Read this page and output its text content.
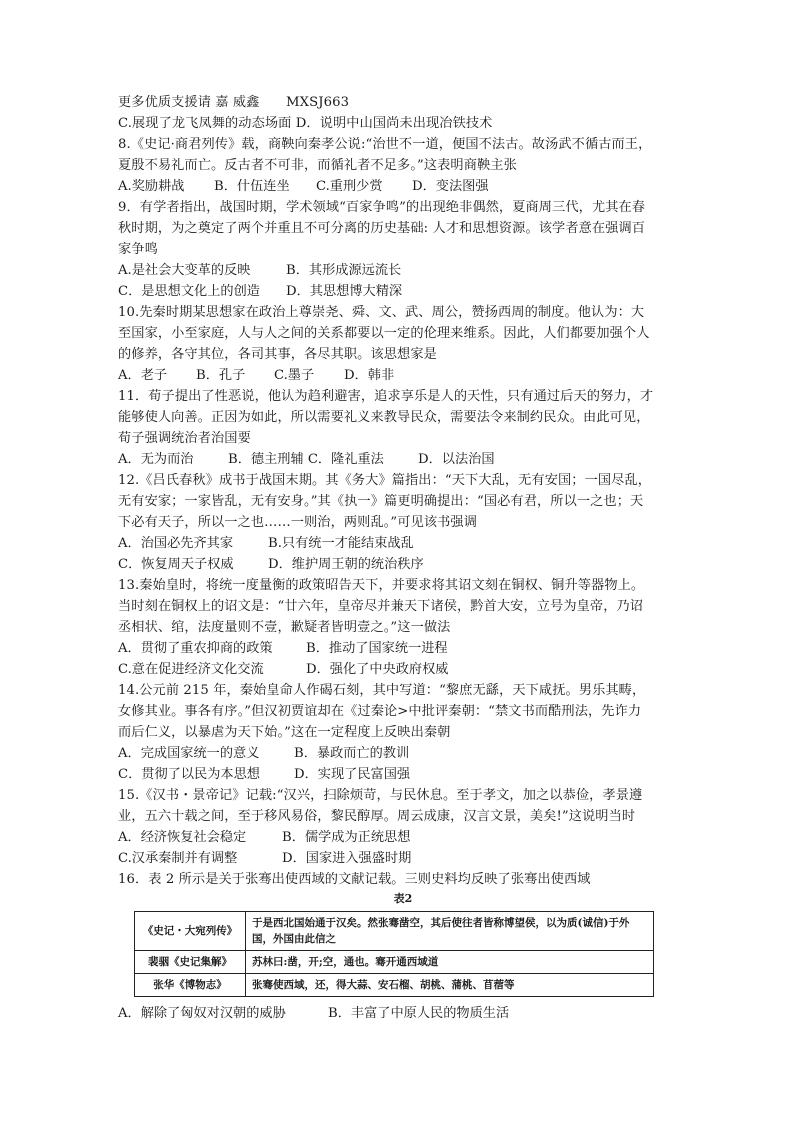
更多优质支援请 嘉 威鑫　　MXSJ663
C.展现了龙飞凤舞的动态场面 D．说明中山国尚未出现冶铁技术
8.《史记·商君列传》载，商鞅向秦孝公说:“治世不一道，便国不法古。故汤武不循古而王，
夏殷不易礼而亡。反古者不可非，而循礼者不足多。”这表明商鞅主张
A.奖励耕战	B．什伍连坐	C.重刑少赏	D．变法图强
9．有学者指出，战国时期，学术领域“百家争鸣”的出现绝非偶然，夏商周三代，尤其在春
秋时期，为之奠定了两个并重且不可分离的历史基础: 人才和思想资源。该学者意在强调百
家争鸣
A.是社会大变革的反映	B．其形成源远流长
C．是思想文化上的创造	D．其思想博大精深
10.先秦时期某思想家在政治上尊崇尧、舜、文、武、周公，赞扬西周的制度。他认为：大
至国家，小至家庭，人与人之间的关系都要以一定的伦理来维系。因此，人们都要加强个人
的修养，各守其位，各司其事，各尽其职。该思想家是
A．老子	B．孔子	C.墨子	D．韩非
11．荀子提出了性恶说，他认为趋利避害，追求享乐是人的天性，只有通过后天的努力，才
能够使人向善。正因为如此，所以需要礼义来教导民众，需要法令来制约民众。由此可见，
荀子强调统治者治国要
A．无为而治	B．德主刑辅 C．隆礼重法	D．以法治国
12.《吕氏春秋》成书于战国末期。其《务大》篇指出：“天下大乱，无有安国；一国尽乱，
无有安家；一家皆乱，无有安身。”其《执一》篇更明确提出：“国必有君，所以一之也；天
下必有天子，所以一之也……一则治，两则乱。”可见该书强调
A．治国必先齐其家	B.只有统一才能结束战乱
C．恢复周天子权威	D．维护周王朝的统治秩序
13.秦始皇时，将统一度量衡的政策昭告天下，并要求将其诏文刻在铜权、铜升等器物上。
当时刻在铜权上的诏文是：“廿六年，皇帝尽并兼天下诸侯，黔首大安，立号为皇帝，乃诏
丞相状、绾，法度量则不壹，歉疑者皆明壹之。”这一做法
A．贯彻了重农抑商的政策	B．推动了国家统一进程
C.意在促进经济文化交流	D．强化了中央政府权威
14.公元前 215 年，秦始皇命人作碣石刻，其中写道：“黎庶无繇，天下咸抚。男乐其畴，
女修其业。事各有序。”但汉初贾谊却在《过秦论>中批评秦朝：“禁文书而酷刑法，先诈力
而后仁义，以暴虐为天下始。”这在一定程度上反映出秦朝
A．完成国家统一的意义	B．暴政而亡的教训
C．贯彻了以民为本思想	D．实现了民富国强
15.《汉书・景帝记》记载:“汉兴，扫除烦苛，与民休息。至于孝文，加之以恭俭，孝景遵
业，五六十载之间，至于移风易俗，黎民醇厚。周云成康，汉言文景，美矣!”这说明当时
A．经济恢复社会稳定	B．儒学成为正统思想
C.汉承秦制并有调整	D．国家进入强盛时期
16．表 2 所示是关于张骞出使西域的文献记载。三则史料均反映了张骞出使西域
表2
《史记・大宛列传》	于是西北国始通于汉矣。然张骞凿空，其后使往者皆称博望侯，以为质(诚信)于外国，外国由此信之
裴骃《史记集解》	苏林曰:凿，开;空，通也。骞开通西域道
张华《博物志》	张骞使西域，还，得大蒜、安石榴、胡桃、蒲桃、苜蓿等
A．解除了匈奴对汉朝的威胁	B．丰富了中原人民的物质生活
